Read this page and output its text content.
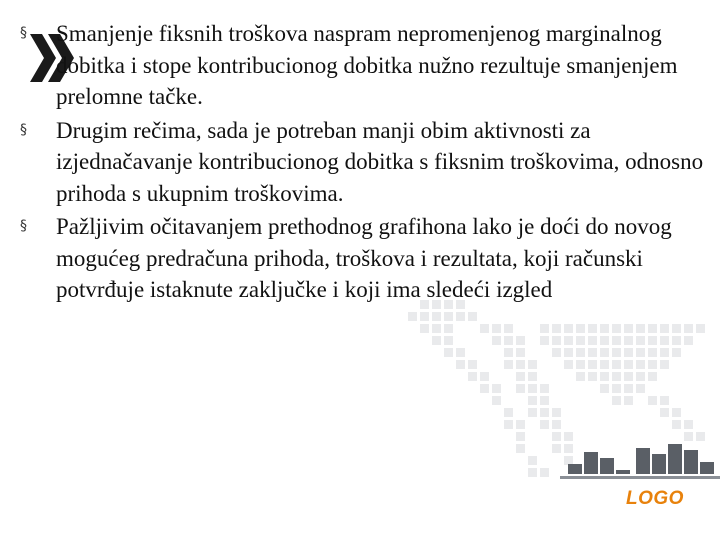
§	Smanjenje fiksnih troškova naspram nepromenjenog marginalnog dobitka i stope kontribucionog dobitka nužno rezultuje smanjenjem prelomne tačke.
§	Drugim rečima, sada je potreban manji obim aktivnosti za izjednačavanje kontribucionog dobitka s fiksnim troškovima, odnosno prihoda s ukupnim troškovima.
§	Pažljivim očitavanjem prethodnog grafihona lako je doći do novog mogućeg predračuna prihoda, troškova i rezultata, koji računski potvrđuje istaknute zaključke i koji ima sledeći izgled
LOGO
